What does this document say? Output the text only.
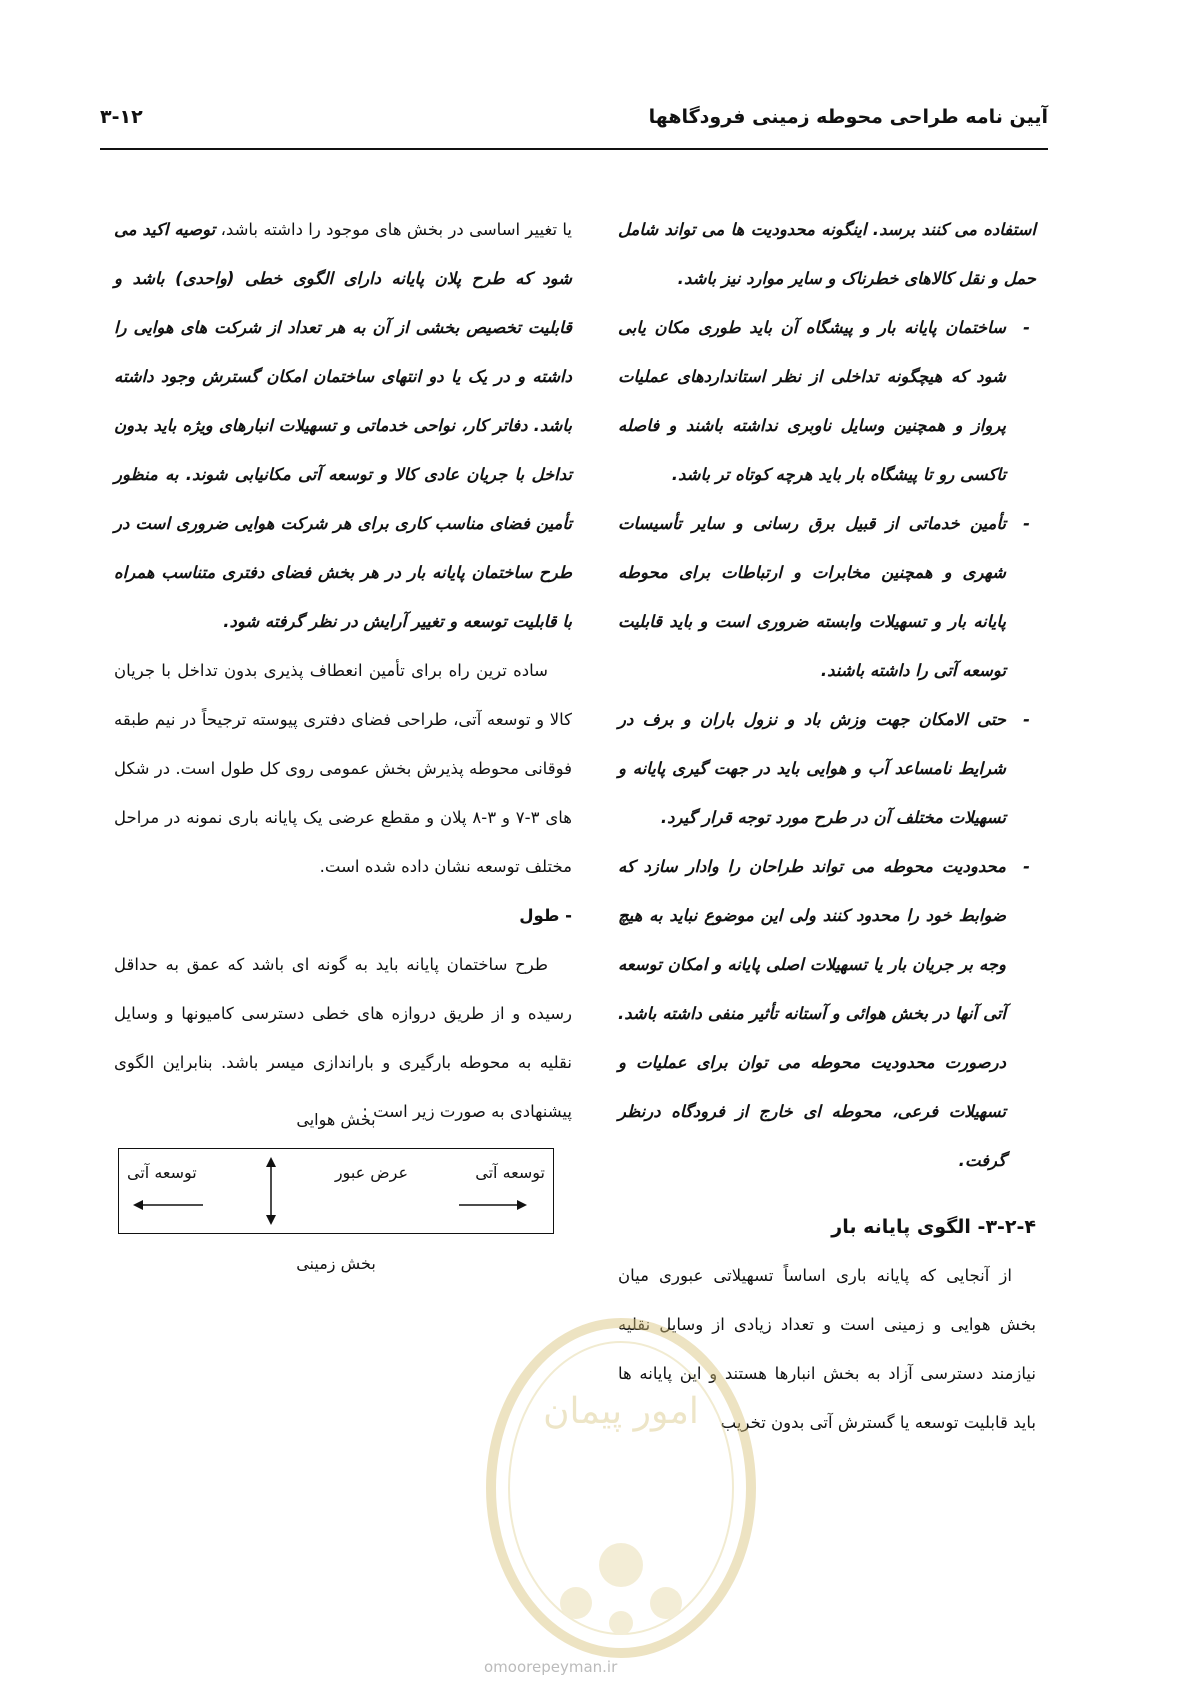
آیین نامه طراحی محوطه زمینی فرودگاهها
۳-۱۲

استفاده می کنند برسد. اینگونه محدودیت ها می تواند شامل حمل و نقل کالاهای خطرناک و سایر موارد نیز باشد.

- ساختمان پایانه بار و پیشگاه آن باید طوری مکان یابی شود که هیچگونه تداخلی از نظر استانداردهای عملیات پرواز و همچنین وسایل ناوبری نداشته باشند و فاصله تاکسی رو تا پیشگاه بار باید هرچه کوتاه تر باشد.

- تأمین خدماتی از قبیل برق رسانی و سایر تأسیسات شهری و همچنین مخابرات و ارتباطات برای محوطه پایانه بار و تسهیلات وابسته ضروری است و باید قابلیت توسعه آتی را داشته باشند.

- حتی الامکان جهت وزش باد و نزول باران و برف در شرایط نامساعد آب و هوایی باید در جهت گیری پایانه و تسهیلات مختلف آن در طرح مورد توجه قرار گیرد.

- محدودیت محوطه می تواند طراحان را وادار سازد که ضوابط خود را محدود کنند ولی این موضوع نباید به هیچ وجه بر جریان بار یا تسهیلات اصلی پایانه و امکان توسعه آتی آنها در بخش هوائی و آستانه تأثیر منفی داشته باشد. درصورت محدودیت محوطه می توان برای عملیات و تسهیلات فرعی، محوطه ای خارج از فرودگاه درنظر گرفت.

۳-۲-۴- الگوی پایانه بار

از آنجایی که پایانه باری اساساً تسهیلاتی عبوری میان بخش هوایی و زمینی است و تعداد زیادی از وسایل نقلیه نیازمند دسترسی آزاد به بخش انبارها هستند و این پایانه ها باید قابلیت توسعه یا گسترش آتی بدون تخریب

یا تغییر اساسی در بخش های موجود را داشته باشد، توصیه اکید می شود که طرح پلان پایانه دارای الگوی خطی (واحدی) باشد و قابلیت تخصیص بخشی از آن به هر تعداد از شرکت های هوایی را داشته و در یک یا دو انتهای ساختمان امکان گسترش وجود داشته باشد. دفاتر کار، نواحی خدماتی و تسهیلات انبارهای ویژه باید بدون تداخل با جریان عادی کالا و توسعه آتی مکانیابی شوند. به منظور تأمین فضای مناسب کاری برای هر شرکت هوایی ضروری است در طرح ساختمان پایانه بار در هر بخش فضای دفتری متناسب همراه با قابلیت توسعه و تغییر آرایش در نظر گرفته شود.

ساده ترین راه برای تأمین انعطاف پذیری بدون تداخل با جریان کالا و توسعه آتی، طراحی فضای دفتری پیوسته ترجیحاً در نیم طبقه فوقانی محوطه پذیرش بخش عمومی روی کل طول است. در شکل های ۳-۷ و ۳-۸ پلان و مقطع عرضی یک پایانه باری نمونه در مراحل مختلف توسعه نشان داده شده است.

- طول

طرح ساختمان پایانه باید به گونه ای باشد که عمق به حداقل رسیده و از طریق دروازه های خطی دسترسی کامیونها و وسایل نقلیه به محوطه بارگیری و باراندازی میسر باشد. بنابراین الگوی پیشنهادی به صورت زیر است :

بخش هوایی
توسعه آتی
عرض عبور
توسعه آتی
بخش زمینی
امور پیمان
omoorepeyman.ir
